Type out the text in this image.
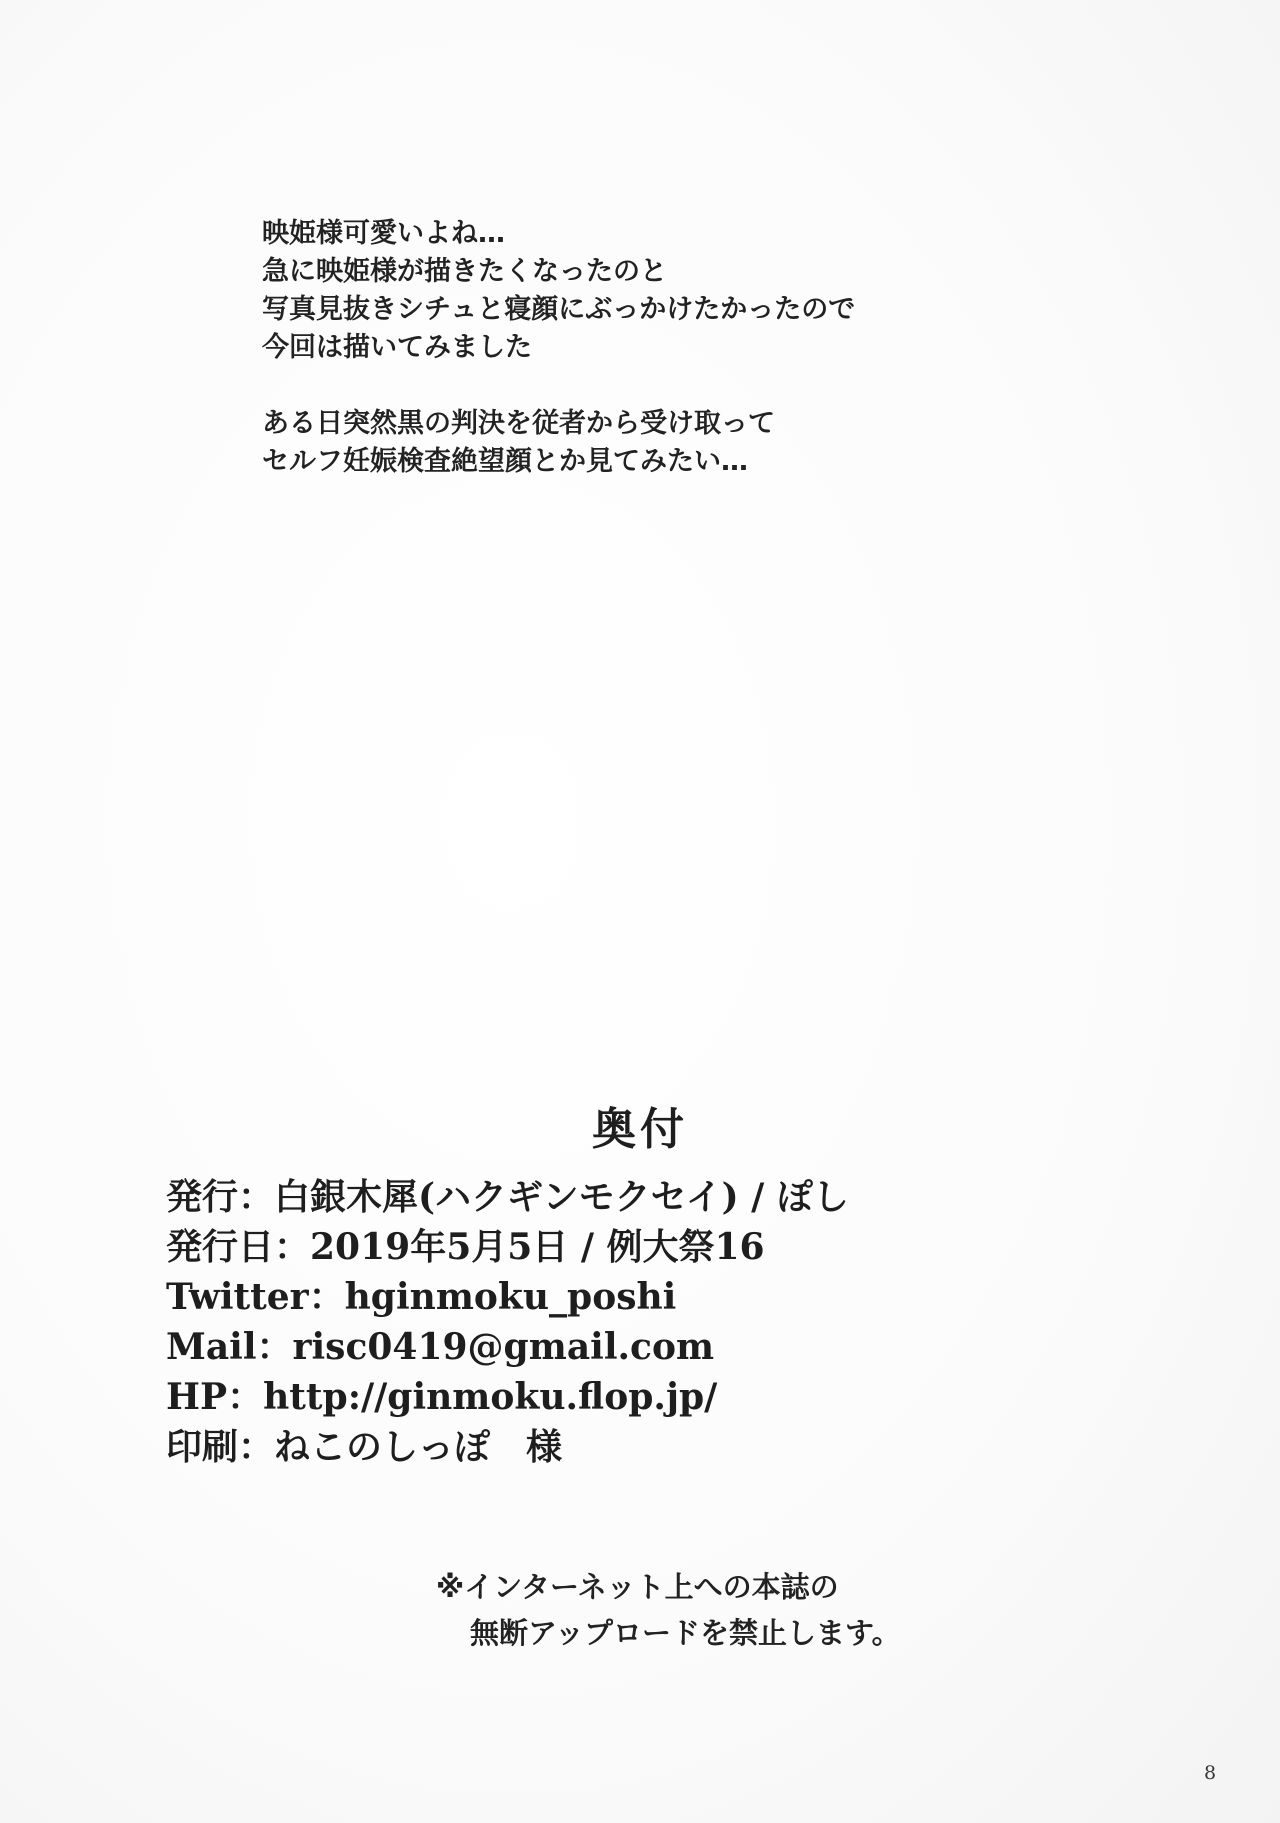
映姫様可愛いよね…
急に映姫様が描きたくなったのと
写真見抜きシチュと寝顔にぶっかけたかったので
今回は描いてみました

ある日突然黒の判決を従者から受け取って
セルフ妊娠検査絶望顔とか見てみたい…

奥付
発行：白銀木犀(ハクギンモクセイ) / ぽし
発行日：2019年5月5日 / 例大祭16
Twitter：hginmoku_poshi
Mail：risc0419@gmail.com
HP：http://ginmoku.flop.jp/
印刷：ねこのしっぽ　様
※インターネット上への本誌の
無断アップロードを禁止します。
8
